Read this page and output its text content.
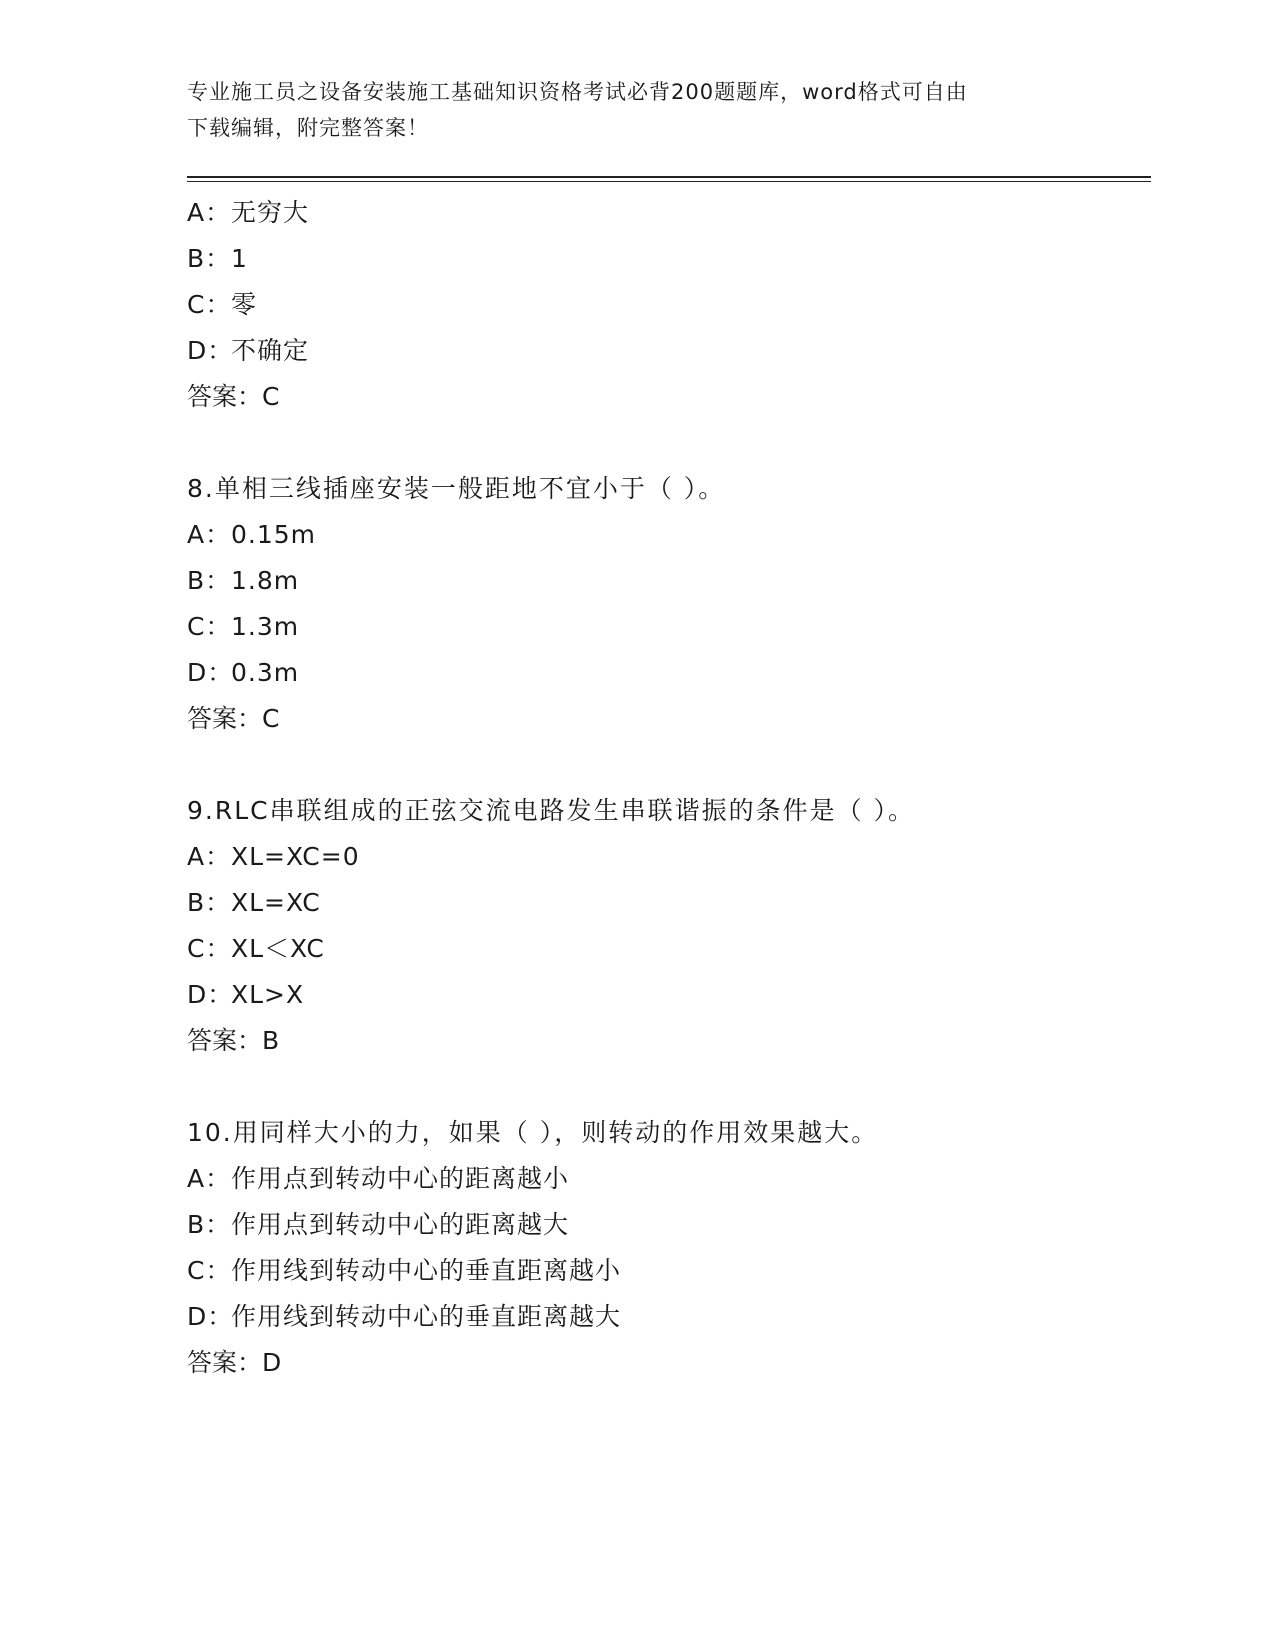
专业施工员之设备安装施工基础知识资格考试必背200题题库，word格式可自由
下载编辑，附完整答案！
A：无穷大
B：1
C：零
D：不确定
答案：C
8.单相三线插座安装一般距地不宜小于（ ）。
A：0.15m
B：1.8m
C：1.3m
D：0.3m
答案：C
9.RLC串联组成的正弦交流电路发生串联谐振的条件是（ ）。
A：XL=XC=0
B：XL=XC
C：XL＜XC
D：XL>X
答案：B
10.用同样大小的力，如果（ ），则转动的作用效果越大。
A：作用点到转动中心的距离越小
B：作用点到转动中心的距离越大
C：作用线到转动中心的垂直距离越小
D：作用线到转动中心的垂直距离越大
答案：D
